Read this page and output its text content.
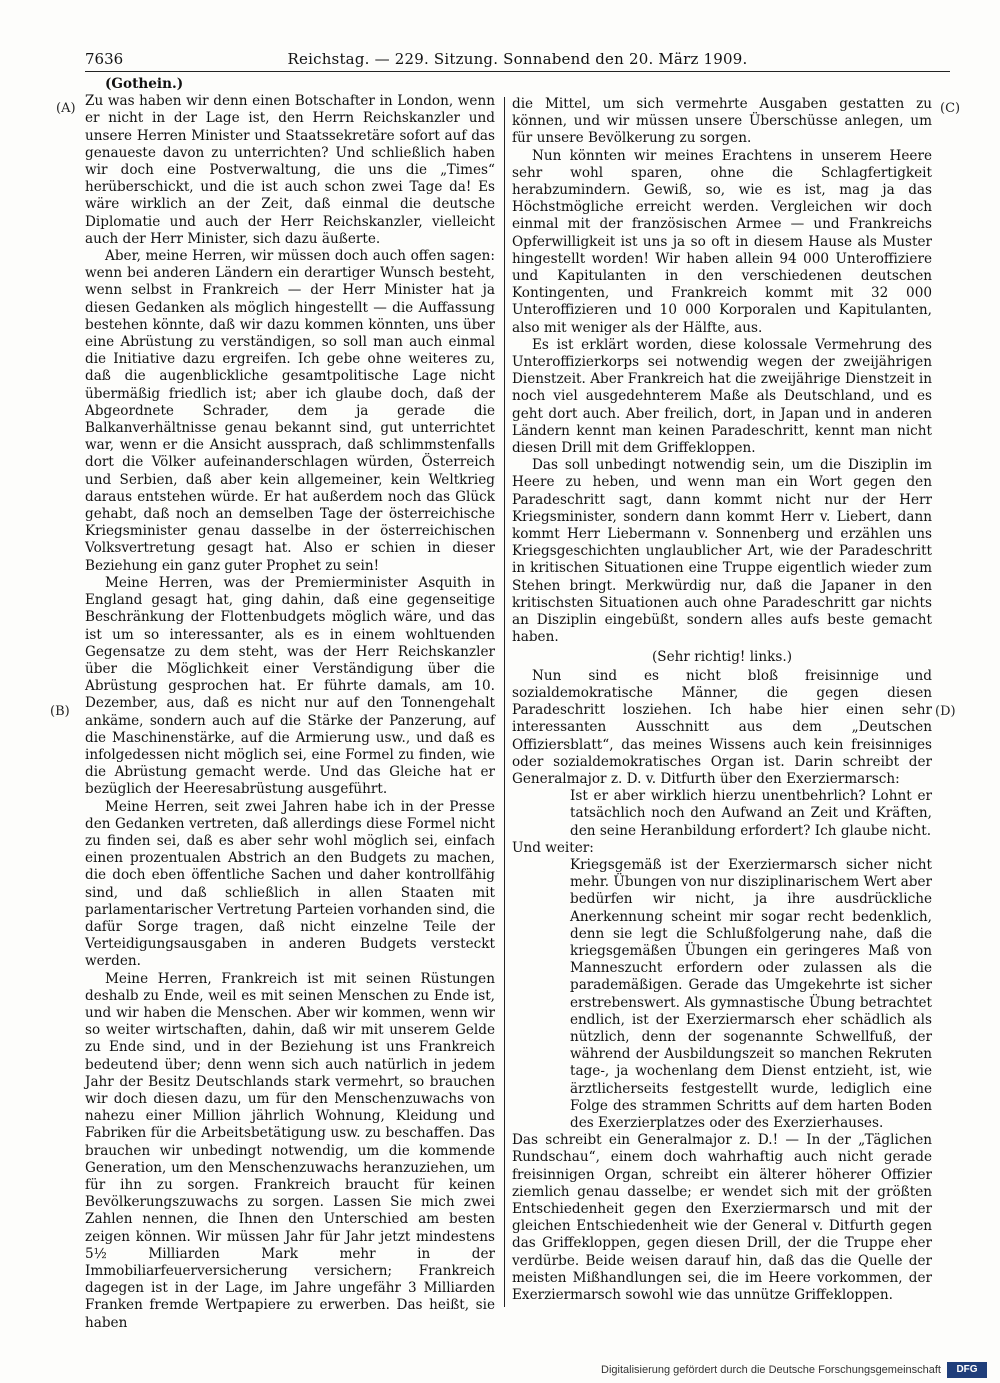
7636	Reichstag. — 229. Sitzung. Sonnabend den 20. März 1909.
(A)
(B)
(C)
(D)

(Gothein.)

Zu was haben wir denn einen Botschafter in London, wenn er nicht in der Lage ist, den Herrn Reichskanzler und unsere Herren Minister und Staatssekretäre sofort auf das genaueste davon zu unterrichten? Und schließlich haben wir doch eine Postverwaltung, die uns die „Times“ herüberschickt, und die ist auch schon zwei Tage da! Es wäre wirklich an der Zeit, daß einmal die deutsche Diplomatie und auch der Herr Reichskanzler, vielleicht auch der Herr Minister, sich dazu äußerte.

Aber, meine Herren, wir müssen doch auch offen sagen: wenn bei anderen Ländern ein derartiger Wunsch besteht, wenn selbst in Frankreich — der Herr Minister hat ja diesen Gedanken als möglich hingestellt — die Auffassung bestehen könnte, daß wir dazu kommen könnten, uns über eine Abrüstung zu verständigen, so soll man auch einmal die Initiative dazu ergreifen. Ich gebe ohne weiteres zu, daß die augenblickliche gesamtpolitische Lage nicht übermäßig friedlich ist; aber ich glaube doch, daß der Abgeordnete Schrader, dem ja gerade die Balkanverhältnisse genau bekannt sind, gut unterrichtet war, wenn er die Ansicht aussprach, daß schlimmstenfalls dort die Völker aufeinanderschlagen würden, Österreich und Serbien, daß aber kein allgemeiner, kein Weltkrieg daraus entstehen würde. Er hat außerdem noch das Glück gehabt, daß noch an demselben Tage der österreichische Kriegsminister genau dasselbe in der österreichischen Volksvertretung gesagt hat. Also er schien in dieser Beziehung ein ganz guter Prophet zu sein!

Meine Herren, was der Premierminister Asquith in England gesagt hat, ging dahin, daß eine gegenseitige Beschränkung der Flottenbudgets möglich wäre, und das ist um so interessanter, als es in einem wohltuenden Gegensatze zu dem steht, was der Herr Reichskanzler über die Möglichkeit einer Verständigung über die Abrüstung gesprochen hat. Er führte damals, am 10. Dezember, aus, daß es nicht nur auf den Tonnengehalt ankäme, sondern auch auf die Stärke der Panzerung, auf die Maschinenstärke, auf die Armierung usw., und daß es infolgedessen nicht möglich sei, eine Formel zu finden, wie die Abrüstung gemacht werde. Und das Gleiche hat er bezüglich der Heeresabrüstung ausgeführt.

Meine Herren, seit zwei Jahren habe ich in der Presse den Gedanken vertreten, daß allerdings diese Formel nicht zu finden sei, daß es aber sehr wohl möglich sei, einfach einen prozentualen Abstrich an den Budgets zu machen, die doch eben öffentliche Sachen und daher kontrollfähig sind, und daß schließlich in allen Staaten mit parlamentarischer Vertretung Parteien vorhanden sind, die dafür Sorge tragen, daß nicht einzelne Teile der Verteidigungsausgaben in anderen Budgets versteckt werden.

Meine Herren, Frankreich ist mit seinen Rüstungen deshalb zu Ende, weil es mit seinen Menschen zu Ende ist, und wir haben die Menschen. Aber wir kommen, wenn wir so weiter wirtschaften, dahin, daß wir mit unserem Gelde zu Ende sind, und in der Beziehung ist uns Frankreich bedeutend über; denn wenn sich auch natürlich in jedem Jahr der Besitz Deutschlands stark vermehrt, so brauchen wir doch diesen dazu, um für den Menschenzuwachs von nahezu einer Million jährlich Wohnung, Kleidung und Fabriken für die Arbeitsbetätigung usw. zu beschaffen. Das brauchen wir unbedingt notwendig, um die kommende Generation, um den Menschenzuwachs heranzuziehen, um für ihn zu sorgen. Frankreich braucht für keinen Bevölkerungszuwachs zu sorgen. Lassen Sie mich zwei Zahlen nennen, die Ihnen den Unterschied am besten zeigen können. Wir müssen Jahr für Jahr jetzt mindestens 5½ Milliarden Mark mehr in der Immobiliarfeuerversicherung versichern; Frankreich dagegen ist in der Lage, im Jahre ungefähr 3 Milliarden Franken fremde Wertpapiere zu erwerben. Das heißt, sie haben

die Mittel, um sich vermehrte Ausgaben gestatten zu können, und wir müssen unsere Überschüsse anlegen, um für unsere Bevölkerung zu sorgen.

Nun könnten wir meines Erachtens in unserem Heere sehr wohl sparen, ohne die Schlagfertigkeit herabzumindern. Gewiß, so, wie es ist, mag ja das Höchstmögliche erreicht werden. Vergleichen wir doch einmal mit der französischen Armee — und Frankreichs Opferwilligkeit ist uns ja so oft in diesem Hause als Muster hingestellt worden! Wir haben allein 94 000 Unteroffiziere und Kapitulanten in den verschiedenen deutschen Kontingenten, und Frankreich kommt mit 32 000 Unteroffizieren und 10 000 Korporalen und Kapitulanten, also mit weniger als der Hälfte, aus.

Es ist erklärt worden, diese kolossale Vermehrung des Unteroffizierkorps sei notwendig wegen der zweijährigen Dienstzeit. Aber Frankreich hat die zweijährige Dienstzeit in noch viel ausgedehnterem Maße als Deutschland, und es geht dort auch. Aber freilich, dort, in Japan und in anderen Ländern kennt man keinen Paradeschritt, kennt man nicht diesen Drill mit dem Griffekloppen.

Das soll unbedingt notwendig sein, um die Disziplin im Heere zu heben, und wenn man ein Wort gegen den Paradeschritt sagt, dann kommt nicht nur der Herr Kriegsminister, sondern dann kommt Herr v. Liebert, dann kommt Herr Liebermann v. Sonnenberg und erzählen uns Kriegsgeschichten unglaublicher Art, wie der Paradeschritt in kritischen Situationen eine Truppe eigentlich wieder zum Stehen bringt. Merkwürdig nur, daß die Japaner in den kritischsten Situationen auch ohne Paradeschritt gar nichts an Disziplin eingebüßt, sondern alles aufs beste gemacht haben.

(Sehr richtig! links.)

Nun sind es nicht bloß freisinnige und sozialdemokratische Männer, die gegen diesen Paradeschritt losziehen. Ich habe hier einen sehr interessanten Ausschnitt aus dem „Deutschen Offiziersblatt“, das meines Wissens auch kein freisinniges oder sozialdemokratisches Organ ist. Darin schreibt der Generalmajor z. D. v. Ditfurth über den Exerziermarsch:

Ist er aber wirklich hierzu unentbehrlich? Lohnt er tatsächlich noch den Aufwand an Zeit und Kräften, den seine Heranbildung erfordert? Ich glaube nicht.

Und weiter:

Kriegsgemäß ist der Exerziermarsch sicher nicht mehr. Übungen von nur disziplinarischem Wert aber bedürfen wir nicht, ja ihre ausdrückliche Anerkennung scheint mir sogar recht bedenklich, denn sie legt die Schlußfolgerung nahe, daß die kriegsgemäßen Übungen ein geringeres Maß von Manneszucht erfordern oder zulassen als die parademäßigen. Gerade das Umgekehrte ist sicher erstrebenswert. Als gymnastische Übung betrachtet endlich, ist der Exerziermarsch eher schädlich als nützlich, denn der sogenannte Schwellfuß, der während der Ausbildungszeit so manchen Rekruten tage-, ja wochenlang dem Dienst entzieht, ist, wie ärztlicherseits festgestellt wurde, lediglich eine Folge des strammen Schritts auf dem harten Boden des Exerzierplatzes oder des Exerzierhauses.

Das schreibt ein Generalmajor z. D.! — In der „Täglichen Rundschau“, einem doch wahrhaftig auch nicht gerade freisinnigen Organ, schreibt ein älterer höherer Offizier ziemlich genau dasselbe; er wendet sich mit der größten Entschiedenheit gegen den Exerziermarsch und mit der gleichen Entschiedenheit wie der General v. Ditfurth gegen das Griffekloppen, gegen diesen Drill, der die Truppe eher verdürbe. Beide weisen darauf hin, daß das die Quelle der meisten Mißhandlungen sei, die im Heere vorkommen, der Exerziermarsch sowohl wie das unnütze Griffekloppen.

Digitalisierung gefördert durch die Deutsche Forschungsgemeinschaft	DFG
